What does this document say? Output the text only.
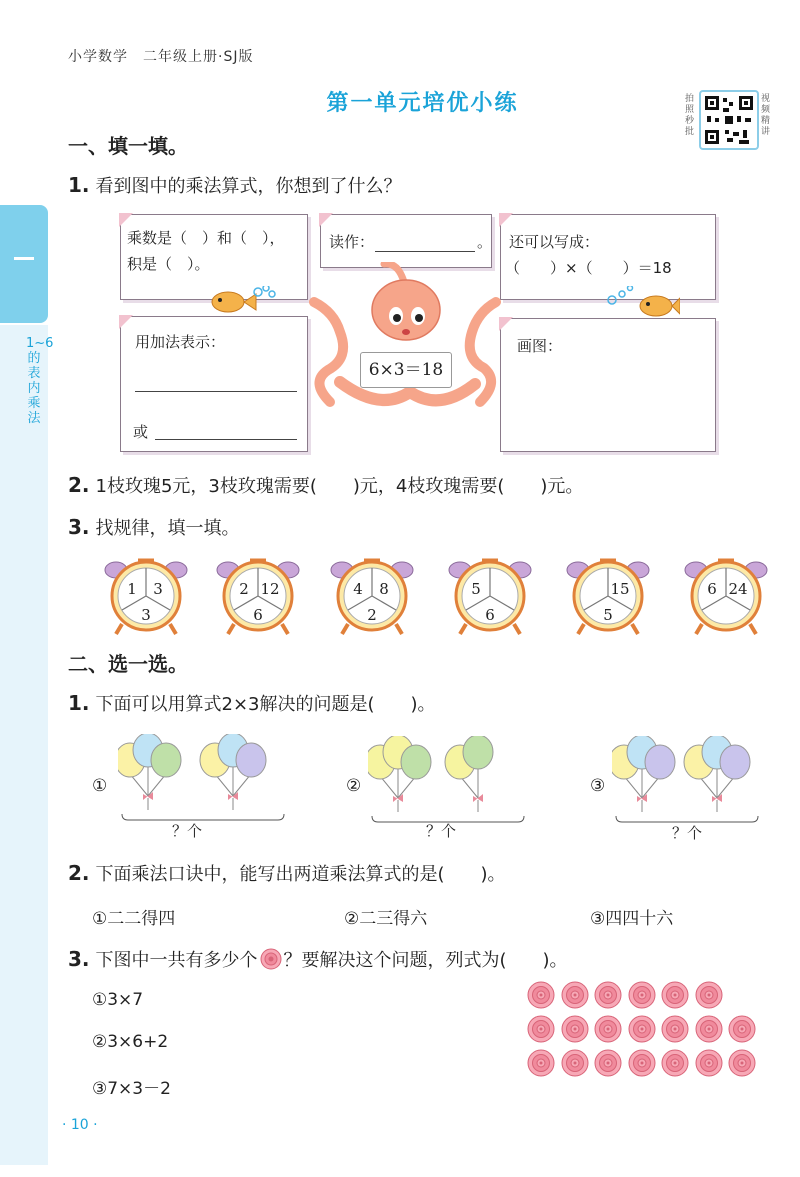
小学数学　二年级上册·SJ版
第一单元培优小练	拍照秒批
视频精讲
1~6的表内乘法
一、填一填。
1. 看到图中的乘法算式，你想到了什么？
乘数是（　）和（　），
积是（　）。
读作：	。 还可以写成：
（　　）×（　　）＝18
用加法表示：
或
画图：
6×3＝18
2. 1枝玫瑰5元，3枝玫瑰需要(　　)元，4枝玫瑰需要(　　)元。
3. 找规律，填一填。
1	3
3
2 12
6
4	8
2
5
6
15
5
6 24
二、选一选。
1. 下面可以用算式2×3解决的问题是(　　)。
①	②	③
？个	？个	？个
2. 下面乘法口诀中，能写出两道乘法算式的是(　　)。
①二二得四	②二三得六	③四四十六
3. 下图中一共有多少个 ？要解决这个问题，列式为(　　)。
①3×7
②3×6+2
③7×3－2
· 10 ·
